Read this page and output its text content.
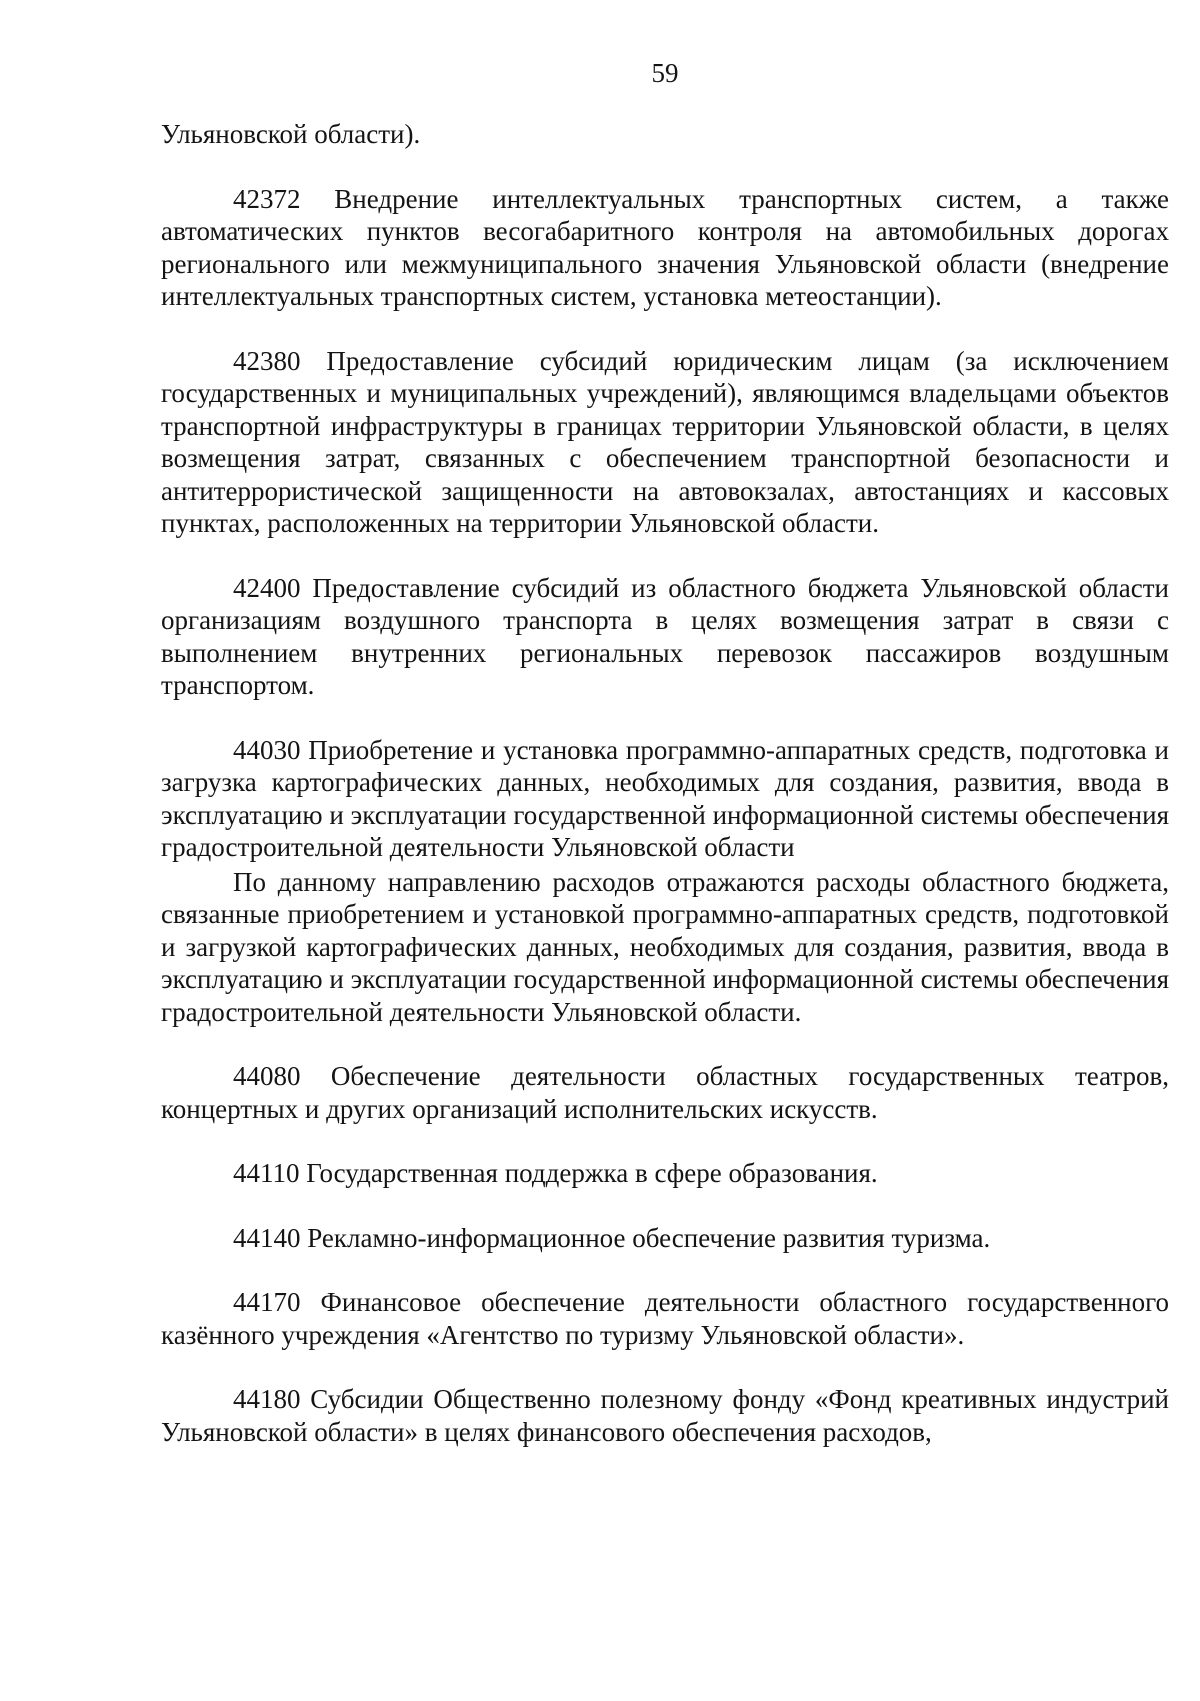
59

Ульяновской области).

42372 Внедрение интеллектуальных транспортных систем, а также автоматических пунктов весогабаритного контроля на автомобильных дорогах регионального или межмуниципального значения Ульяновской области (внедрение интеллектуальных транспортных систем, установка метеостанции).

42380 Предоставление субсидий юридическим лицам (за исключением государственных и муниципальных учреждений), являющимся владельцами объектов транспортной инфраструктуры в границах территории Ульяновской области, в целях возмещения затрат, связанных с обеспечением транспортной безопасности и антитеррористической защищенности на автовокзалах, автостанциях и кассовых пунктах, расположенных на территории Ульяновской области.

42400 Предоставление субсидий из областного бюджета Ульяновской области организациям воздушного транспорта в целях возмещения затрат в связи с выполнением внутренних региональных перевозок пассажиров воздушным транспортом.

44030 Приобретение и установка программно-аппаратных средств, подготовка и загрузка картографических данных, необходимых для создания, развития, ввода в эксплуатацию и эксплуатации государственной информационной системы обеспечения градостроительной деятельности Ульяновской области

По данному направлению расходов отражаются расходы областного бюджета, связанные приобретением и установкой программно-аппаратных средств, подготовкой и загрузкой картографических данных, необходимых для создания, развития, ввода в эксплуатацию и эксплуатации государственной информационной системы обеспечения градостроительной деятельности Ульяновской области.

44080 Обеспечение деятельности областных государственных театров, концертных и других организаций исполнительских искусств.

44110 Государственная поддержка в сфере образования.

44140 Рекламно-информационное обеспечение развития туризма.

44170 Финансовое обеспечение деятельности областного государственного казённого учреждения «Агентство по туризму Ульяновской области».

44180 Субсидии Общественно полезному фонду «Фонд креативных индустрий Ульяновской области» в целях финансового обеспечения расходов,
